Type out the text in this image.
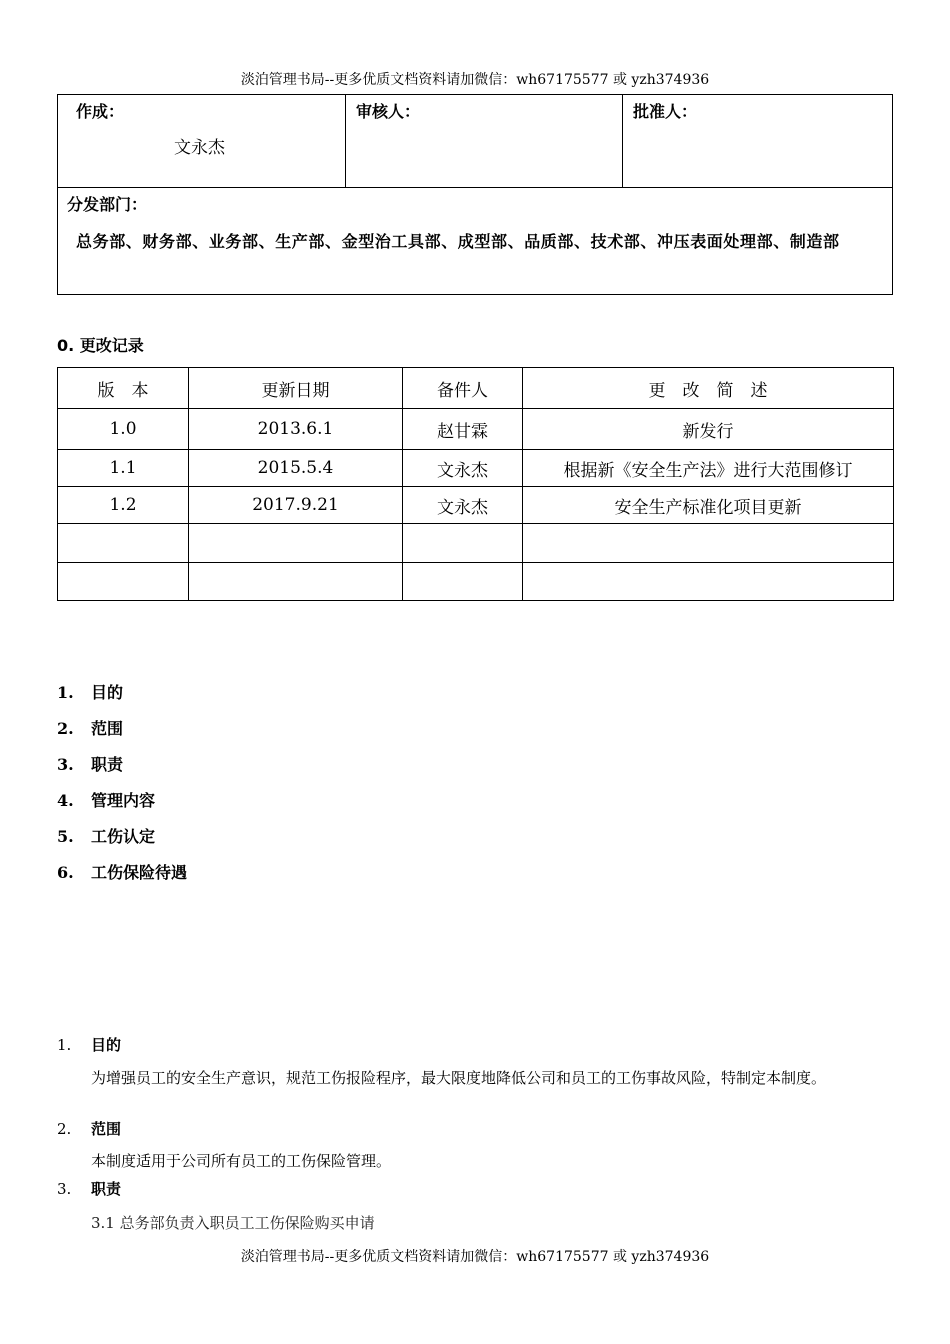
淡泊管理书局--更多优质文档资料请加微信：wh67175577 或 yzh374936
作成：
文永杰
审核人：	批准人：
分发部门：
总务部、财务部、业务部、生产部、金型治工具部、成型部、品质部、技术部、冲压表面处理部、制造部
0. 更改记录
版　本	更新日期	备件人	更　改　简　述
1.0	2013.6.1	赵甘霖	新发行
1.1	2015.5.4	文永杰	根据新《安全生产法》进行大范围修订
1.2	2017.9.21	文永杰	安全生产标准化项目更新

1. 目的
2. 范围
3. 职责
4. 管理内容
5. 工伤认定
6. 工伤保险待遇
1. 目的
为增强员工的安全生产意识，规范工伤报险程序，最大限度地降低公司和员工的工伤事故风险，特制定本制度。
2. 范围
本制度适用于公司所有员工的工伤保险管理。
3. 职责
3.1 总务部负责入职员工工伤保险购买申请
淡泊管理书局--更多优质文档资料请加微信：wh67175577 或 yzh374936
